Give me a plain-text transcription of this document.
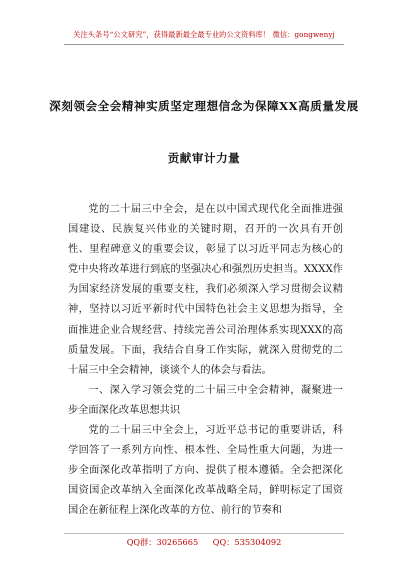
关注头条号“公文研究”，获得最新最全最专业的公文资料库！ 微信：gongwenyj
深刻领会全会精神实质坚定理想信念为保障XX高质量发展
贡献审计力量

党的二十届三中全会，是在以中国式现代化全面推进强国建设、民族复兴伟业的关键时期，召开的一次具有开创性、里程碑意义的重要会议，彰显了以习近平同志为核心的党中央将改革进行到底的坚强决心和强烈历史担当。XXXX作为国家经济发展的重要支柱，我们必须深入学习贯彻会议精神，坚持以习近平新时代中国特色社会主义思想为指导，全面推进企业合规经营、持续完善公司治理体系实现XXX的高质量发展。下面，我结合自身工作实际，就深入贯彻党的二十届三中全会精神，谈谈个人的体会与看法。

一、深入学习领会党的二十届三中全会精神，凝聚进一步全面深化改革思想共识

党的二十届三中全会上，习近平总书记的重要讲话，科学回答了一系列方向性、根本性、全局性重大问题，为进一步全面深化改革指明了方向、提供了根本遵循。全会把深化国资国企改革纳入全面深化改革战略全局，鲜明标定了国资国企在新征程上深化改革的方位、前行的节奏和

QQ群：30265665 QQ：535304092
